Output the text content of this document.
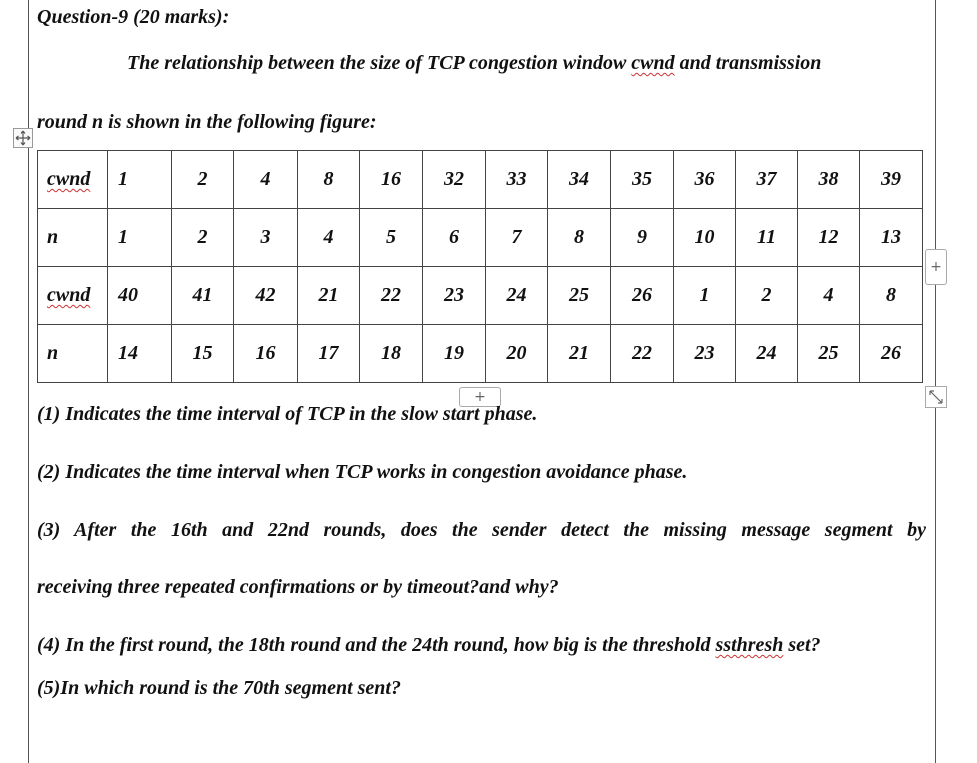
Question-9 (20 marks):
The relationship between the size of TCP congestion window cwnd and transmission
round n is shown in the following figure:
cwnd	1	2	4	8	16	32	33	34	35	36	37	38	39
n	1	2	3	4	5	6	7	8	9	10	11	12	13
cwnd	40	41	42	21	22	23	24	25	26	1	2	4	8
n	14	15	16	17	18	19	20	21	22	23	24	25	26
+
+
(1) Indicates the time interval of TCP in the slow start phase.
(2) Indicates the time interval when TCP works in congestion avoidance phase.
(3) After the 16th and 22nd rounds, does the sender detect the missing message segment by
receiving three repeated confirmations or by timeout?and why?
(4) In the first round, the 18th round and the 24th round, how big is the threshold ssthresh set?
(5)In which round is the 70th segment sent?
